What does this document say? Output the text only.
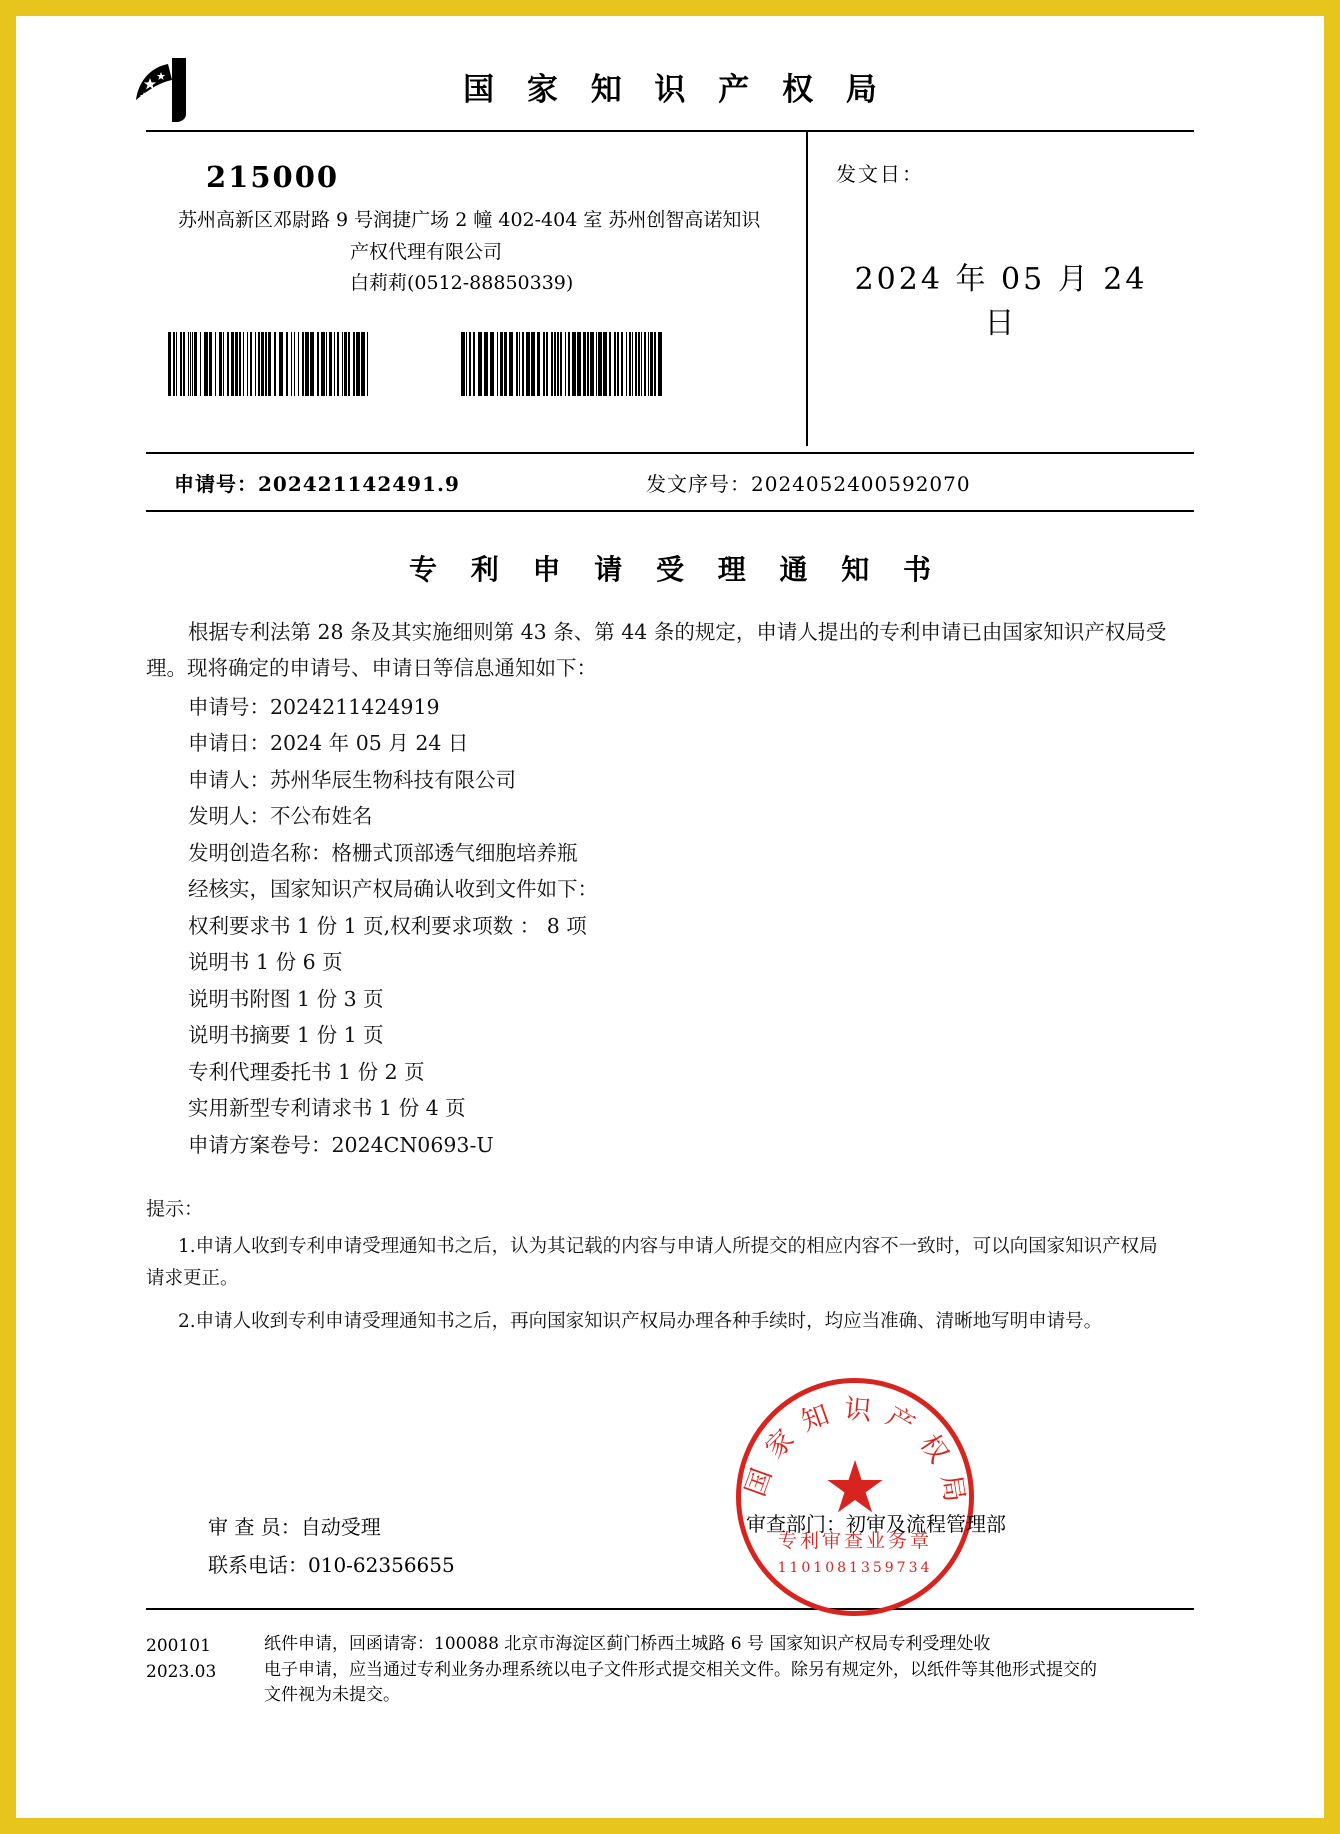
国 家 知 识 产 权 局
215000
苏州高新区邓尉路 9 号润捷广场 2 幢 402-404 室 苏州创智高诺知识
产权代理有限公司
白莉莉(0512-88850339)
发文日：
2024 年 05 月 24 日
申请号：202421142491.9	发文序号：2024052400592070
专 利 申 请 受 理 通 知 书

根据专利法第 28 条及其实施细则第 43 条、第 44 条的规定，申请人提出的专利申请已由国家知识产权局受理。现将确定的申请号、申请日等信息通知如下：

申请号：2024211424919
申请日：2024 年 05 月 24 日
申请人：苏州华辰生物科技有限公司
发明人：不公布姓名
发明创造名称：格栅式顶部透气细胞培养瓶
经核实，国家知识产权局确认收到文件如下：
权利要求书 1 份 1 页,权利要求项数 ： 8 项
说明书 1 份 6 页
说明书附图 1 份 3 页
说明书摘要 1 份 1 页
专利代理委托书 1 份 2 页
实用新型专利请求书 1 份 4 页
申请方案卷号：2024CN0693-U

提示：

1.申请人收到专利申请受理通知书之后，认为其记载的内容与申请人所提交的相应内容不一致时，可以向国家知识产权局

请求更正。

2.申请人收到专利申请受理通知书之后，再向国家知识产权局办理各种手续时，均应当准确、清晰地写明申请号。

国家知识产权局
★
专利审查业务章
1101081359734
审 查 员：自动受理
联系电话：010-62356655
审查部门：初审及流程管理部

200101

2023.03

纸件申请，回函请寄：100088 北京市海淀区蓟门桥西土城路 6 号 国家知识产权局专利受理处收

电子申请，应当通过专利业务办理系统以电子文件形式提交相关文件。除另有规定外，以纸件等其他形式提交的

文件视为未提交。
